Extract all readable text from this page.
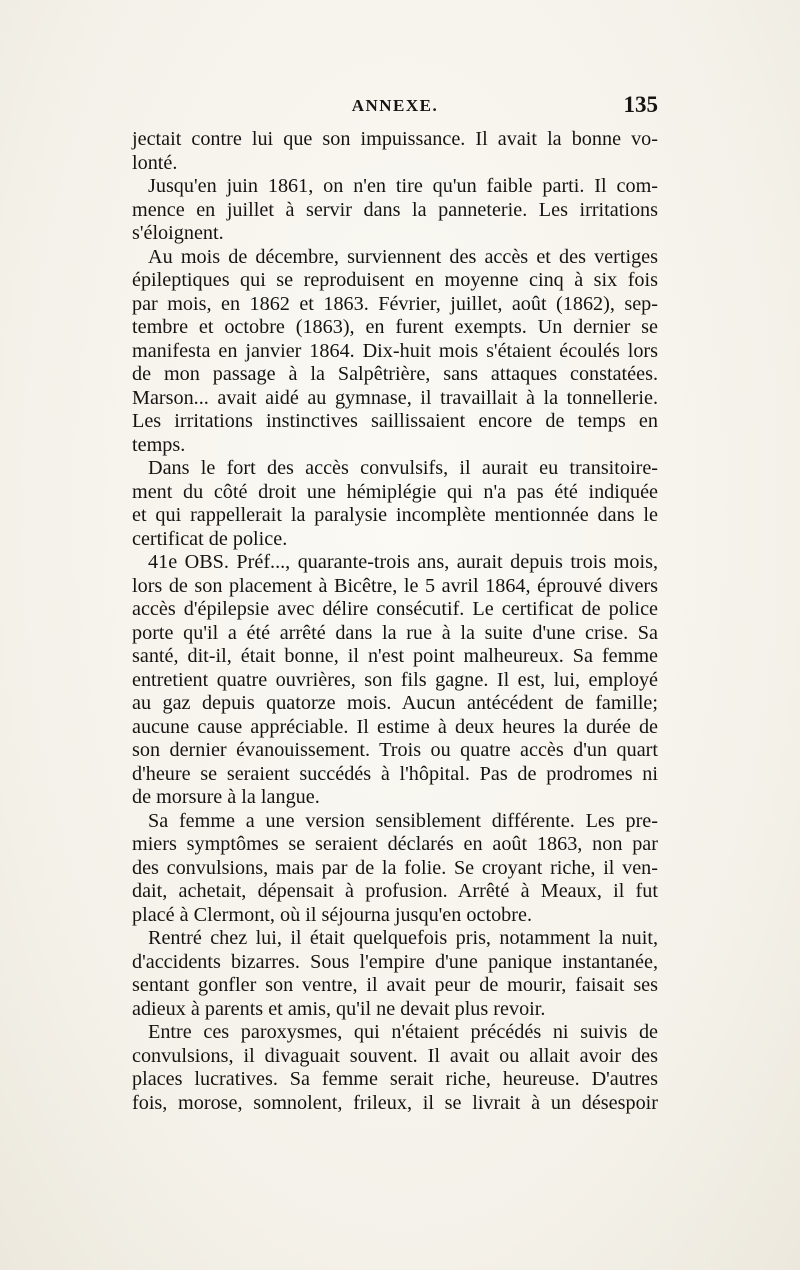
ANNEXE.	135
jectait contre lui que son impuissance. Il avait la bonne vo-
lonté.
Jusqu'en juin 1861, on n'en tire qu'un faible parti. Il com-
mence en juillet à servir dans la panneterie. Les irritations
s'éloignent.
Au mois de décembre, surviennent des accès et des vertiges
épileptiques qui se reproduisent en moyenne cinq à six fois
par mois, en 1862 et 1863. Février, juillet, août (1862), sep-
tembre et octobre (1863), en furent exempts. Un dernier se
manifesta en janvier 1864. Dix-huit mois s'étaient écoulés lors
de mon passage à la Salpêtrière, sans attaques constatées.
Marson... avait aidé au gymnase, il travaillait à la tonnellerie.
Les irritations instinctives saillissaient encore de temps en
temps.
Dans le fort des accès convulsifs, il aurait eu transitoire-
ment du côté droit une hémiplégie qui n'a pas été indiquée
et qui rappellerait la paralysie incomplète mentionnée dans le
certificat de police.
41e OBS. Préf..., quarante-trois ans, aurait depuis trois mois,
lors de son placement à Bicêtre, le 5 avril 1864, éprouvé divers
accès d'épilepsie avec délire consécutif. Le certificat de police
porte qu'il a été arrêté dans la rue à la suite d'une crise. Sa
santé, dit-il, était bonne, il n'est point malheureux. Sa femme
entretient quatre ouvrières, son fils gagne. Il est, lui, employé
au gaz depuis quatorze mois. Aucun antécédent de famille;
aucune cause appréciable. Il estime à deux heures la durée de
son dernier évanouissement. Trois ou quatre accès d'un quart
d'heure se seraient succédés à l'hôpital. Pas de prodromes ni
de morsure à la langue.
Sa femme a une version sensiblement différente. Les pre-
miers symptômes se seraient déclarés en août 1863, non par
des convulsions, mais par de la folie. Se croyant riche, il ven-
dait, achetait, dépensait à profusion. Arrêté à Meaux, il fut
placé à Clermont, où il séjourna jusqu'en octobre.
Rentré chez lui, il était quelquefois pris, notamment la nuit,
d'accidents bizarres. Sous l'empire d'une panique instantanée,
sentant gonfler son ventre, il avait peur de mourir, faisait ses
adieux à parents et amis, qu'il ne devait plus revoir.
Entre ces paroxysmes, qui n'étaient précédés ni suivis de
convulsions, il divaguait souvent. Il avait ou allait avoir des
places lucratives. Sa femme serait riche, heureuse. D'autres
fois, morose, somnolent, frileux, il se livrait à un désespoir
